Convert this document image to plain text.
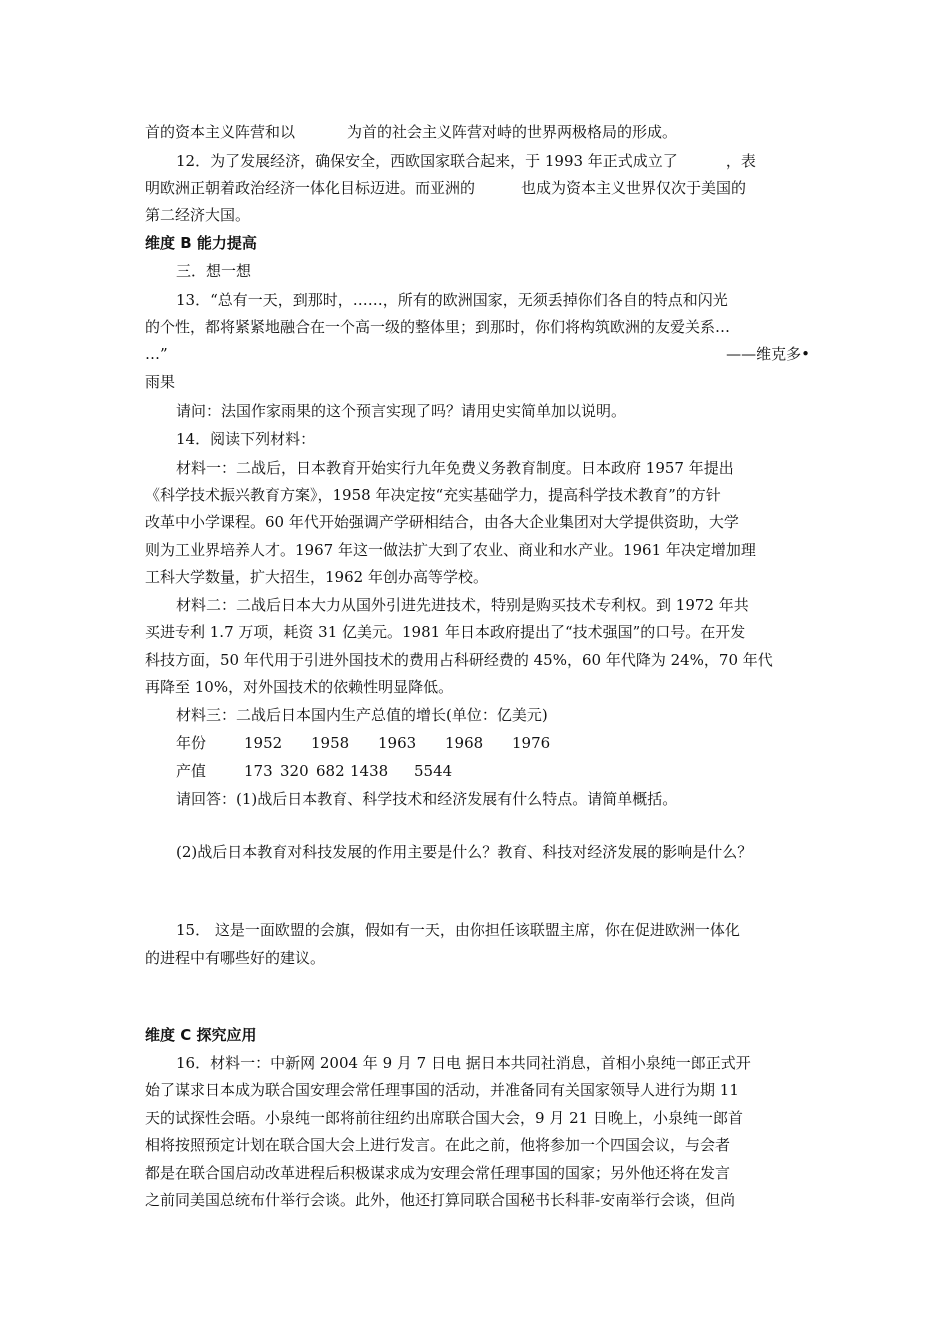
首的资本主义阵营和以	为首的社会主义阵营对峙的世界两极格局的形成。
12．为了发展经济，确保安全，西欧国家联合起来，于 1993 年正式成立了	，表
明欧洲正朝着政治经济一体化目标迈进。而亚洲的	也成为资本主义世界仅次于美国的
第二经济大国。
维度 B 能力提高
三．想一想
13．“总有一天，到那时，……，所有的欧洲国家，无须丢掉你们各自的特点和闪光
的个性，都将紧紧地融合在一个高一级的整体里；到那时，你们将构筑欧洲的友爱关系…
…”	——维克多•
雨果
请问：法国作家雨果的这个预言实现了吗？请用史实简单加以说明。
14．阅读下列材料：
材料一：二战后，日本教育开始实行九年免费义务教育制度。日本政府 1957 年提出
《科学技术振兴教育方案》，1958 年决定按“充实基础学力，提高科学技术教育”的方针
改革中小学课程。60 年代开始强调产学研相结合，由各大企业集团对大学提供资助，大学
则为工业界培养人才。1967 年这一做法扩大到了农业、商业和水产业。1961 年决定增加理
工科大学数量，扩大招生，1962 年创办高等学校。
材料二：二战后日本大力从国外引进先进技术，特别是购买技术专利权。到 1972 年共
买进专利 1.7 万项，耗资 31 亿美元。1981 年日本政府提出了“技术强国”的口号。在开发
科技方面，50 年代用于引进外国技术的费用占科研经费的 45%，60 年代降为 24%，70 年代
再降至 10%，对外国技术的依赖性明显降低。
材料三：二战后日本国内生产总值的增长(单位：亿美元)
年份	1952 1958 1963 1968 1976
产值	173 320 682 1438 5544
请回答：(1)战后日本教育、科学技术和经济发展有什么特点。请简单概括。
(2)战后日本教育对科技发展的作用主要是什么？教育、科技对经济发展的影响是什么？
15． 这是一面欧盟的会旗，假如有一天，由你担任该联盟主席，你在促进欧洲一体化
的进程中有哪些好的建议。
维度 C 探究应用
16．材料一：中新网 2004 年 9 月 7 日电 据日本共同社消息，首相小泉纯一郎正式开
始了谋求日本成为联合国安理会常任理事国的活动，并准备同有关国家领导人进行为期 11
天的试探性会晤。小泉纯一郎将前往纽约出席联合国大会，9 月 21 日晚上，小泉纯一郎首
相将按照预定计划在联合国大会上进行发言。在此之前，他将参加一个四国会议，与会者
都是在联合国启动改革进程后积极谋求成为安理会常任理事国的国家；另外他还将在发言
之前同美国总统布什举行会谈。此外，他还打算同联合国秘书长科菲-安南举行会谈，但尚
